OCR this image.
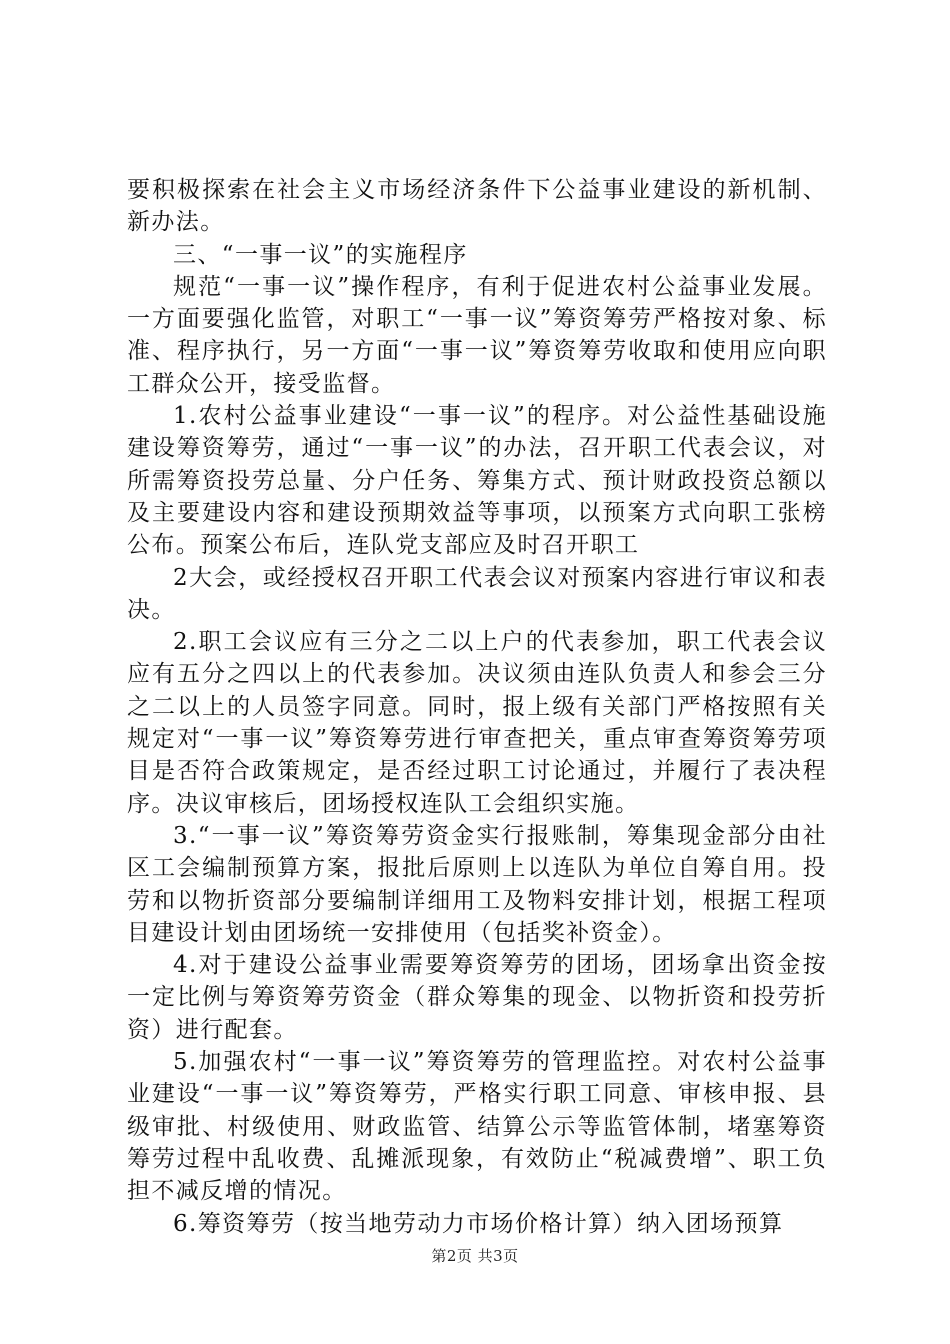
要积极探索在社会主义市场经济条件下公益事业建设的新机制、新办法。

三、“一事一议”的实施程序

规范“一事一议”操作程序，有利于促进农村公益事业发展。一方面要强化监管，对职工“一事一议”筹资筹劳严格按对象、标准、程序执行，另一方面“一事一议”筹资筹劳收取和使用应向职工群众公开，接受监督。

1.农村公益事业建设“一事一议”的程序。对公益性基础设施建设筹资筹劳，通过“一事一议”的办法，召开职工代表会议，对所需筹资投劳总量、分户任务、筹集方式、预计财政投资总额以及主要建设内容和建设预期效益等事项，以预案方式向职工张榜公布。预案公布后，连队党支部应及时召开职工

2大会，或经授权召开职工代表会议对预案内容进行审议和表决。

2.职工会议应有三分之二以上户的代表参加，职工代表会议应有五分之四以上的代表参加。决议须由连队负责人和参会三分之二以上的人员签字同意。同时，报上级有关部门严格按照有关规定对“一事一议”筹资筹劳进行审查把关，重点审查筹资筹劳项目是否符合政策规定，是否经过职工讨论通过，并履行了表决程序。决议审核后，团场授权连队工会组织实施。

3.“一事一议”筹资筹劳资金实行报账制，筹集现金部分由社区工会编制预算方案，报批后原则上以连队为单位自筹自用。投劳和以物折资部分要编制详细用工及物料安排计划，根据工程项目建设计划由团场统一安排使用（包括奖补资金）。

4.对于建设公益事业需要筹资筹劳的团场，团场拿出资金按一定比例与筹资筹劳资金（群众筹集的现金、以物折资和投劳折资）进行配套。

5.加强农村“一事一议”筹资筹劳的管理监控。对农村公益事业建设“一事一议”筹资筹劳，严格实行职工同意、审核申报、县级审批、村级使用、财政监管、结算公示等监管体制，堵塞筹资筹劳过程中乱收费、乱摊派现象，有效防止“税减费增”、职工负担不减反增的情况。

6.筹资筹劳（按当地劳动力市场价格计算）纳入团场预算

第2页 共3页
